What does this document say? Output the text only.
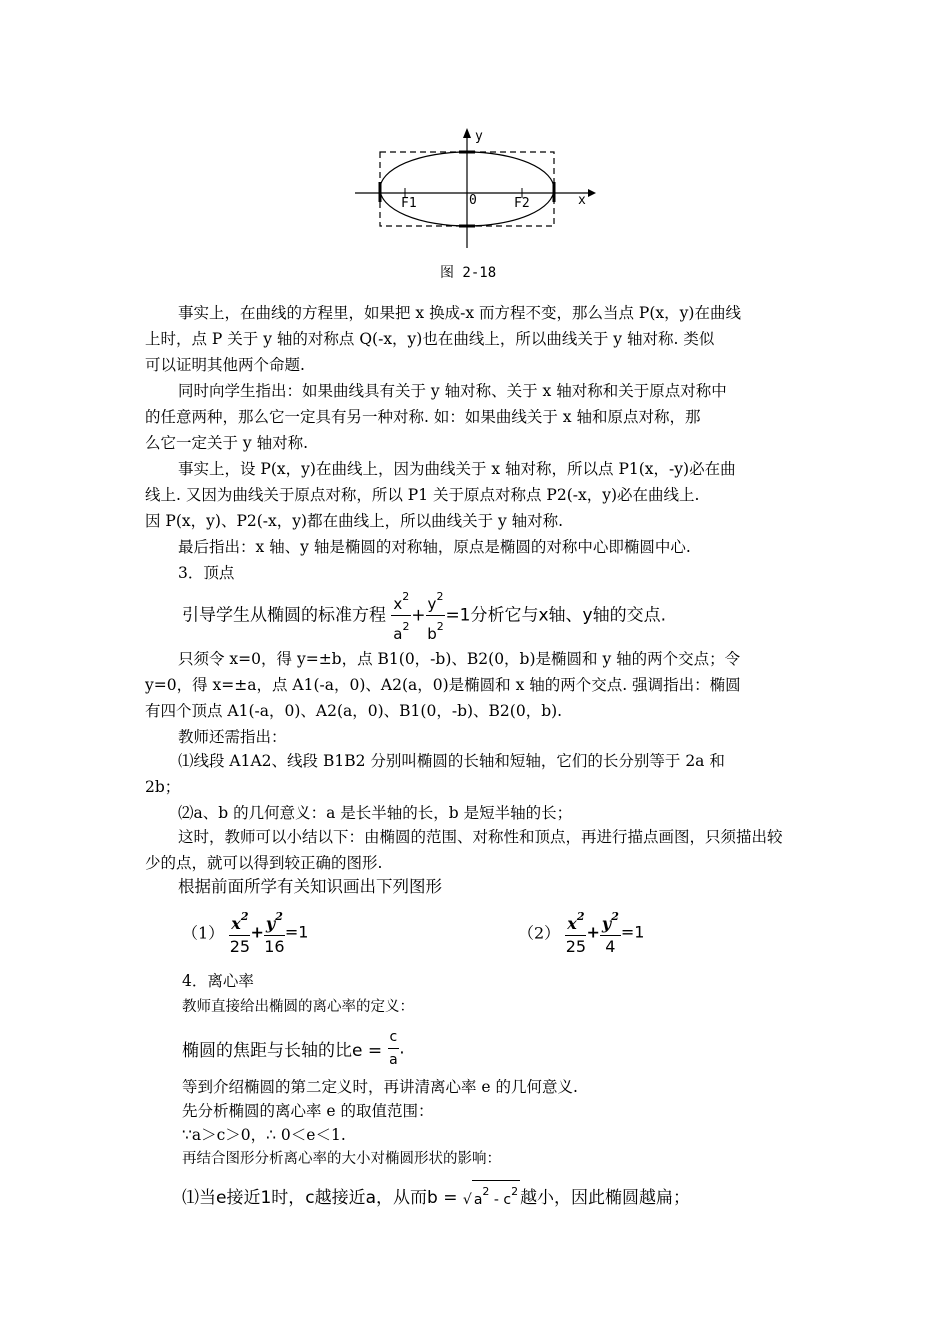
y
x
F1	0	F2
图 2-18
事实上，在曲线的方程里，如果把 x 换成-x 而方程不变，那么当点 P(x，y)在曲线
上时，点 P 关于 y 轴的对称点 Q(-x，y)也在曲线上，所以曲线关于 y 轴对称. 类似
可以证明其他两个命题.
同时向学生指出：如果曲线具有关于 y 轴对称、关于 x 轴对称和关于原点对称中
的任意两种，那么它一定具有另一种对称. 如：如果曲线关于 x 轴和原点对称，那
么它一定关于 y 轴对称.
事实上，设 P(x，y)在曲线上，因为曲线关于 x 轴对称，所以点 P1(x，-y)必在曲
线上. 又因为曲线关于原点对称，所以 P1 关于原点对称点 P2(-x，y)必在曲线上.
因 P(x，y)、P2(-x，y)都在曲线上，所以曲线关于 y 轴对称.
最后指出：x 轴、y 轴是椭圆的对称轴，原点是椭圆的对称中心即椭圆中心.
3．顶点
引导学生从椭圆的标准方程 $\frac{x^2}{a^2} + \frac{y^2}{b^2} =1$分析它与x轴、y轴的交点.
只须令 x=0，得 y=±b，点 B1(0，-b)、B2(0，b)是椭圆和 y 轴的两个交点；令
y=0，得 x=±a，点 A1(-a，0)、A2(a，0)是椭圆和 x 轴的两个交点. 强调指出：椭圆
有四个顶点 A1(-a，0)、A2(a，0)、B1(0，-b)、B2(0，b).
教师还需指出：
⑴线段 A1A2、线段 B1B2 分别叫椭圆的长轴和短轴，它们的长分别等于 2a 和
2b；
⑵a、b 的几何意义：a 是长半轴的长，b 是短半轴的长；
这时，教师可以小结以下：由椭圆的范围、对称性和顶点，再进行描点画图，只须描出较
少的点，就可以得到较正确的图形.
根据前面所学有关知识画出下列图形
$(1) \frac{x^2}{25} + \frac{y^2}{16} =1$	$(2) \frac{x^2}{25} + \frac{y^2}{4} =1$
4．离心率
教师直接给出椭圆的离心率的定义：
椭圆的焦距与长轴的比$e = \frac{c}{a}$ .
等到介绍椭圆的第二定义时，再讲清离心率 e 的几何意义.
先分析椭圆的离心率 e 的取值范围：
∵a＞c＞0，∴ 0＜e＜1.
再结合图形分析离心率的大小对椭圆形状的影响：
⑴当e接近1时，c越接近a，从而b = √ $a^2 - c^2$ 越小，因此椭圆越扁；
